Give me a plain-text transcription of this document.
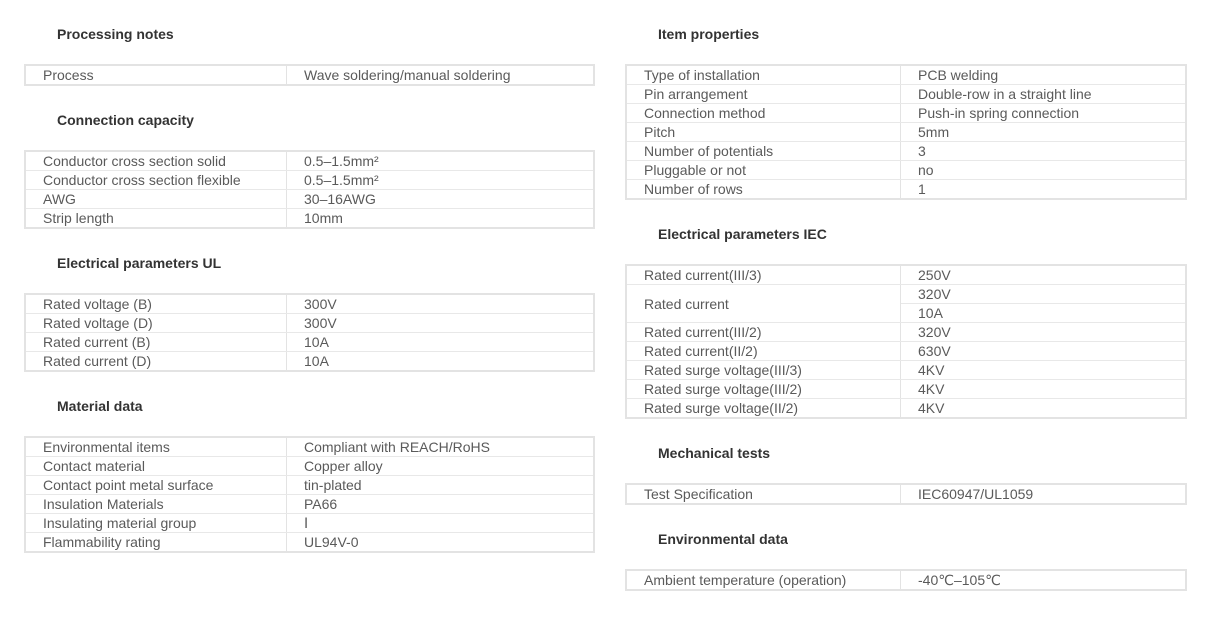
Processing notes
Process	Wave soldering/manual soldering
Connection capacity
Conductor cross section solid	0.5–1.5mm²
Conductor cross section flexible	0.5–1.5mm²
AWG	30–16AWG
Strip length	10mm
Electrical parameters UL
Rated voltage (B)	300V
Rated voltage (D)	300V
Rated current (B)	10A
Rated current (D)	10A
Material data
Environmental items	Compliant with REACH/RoHS
Contact material	Copper alloy
Contact point metal surface	tin-plated
Insulation Materials	PA66
Insulating material group	Ⅰ
Flammability rating	UL94V-0
Item properties
Type of installation	PCB welding
Pin arrangement	Double-row in a straight line
Connection method	Push-in spring connection
Pitch	5mm
Number of potentials	3
Pluggable or not	no
Number of rows	1
Electrical parameters IEC
Rated current(III/3)	250V
Rated current	320V
	10A
Rated current(III/2)	320V
Rated current(II/2)	630V
Rated surge voltage(III/3)	4KV
Rated surge voltage(III/2)	4KV
Rated surge voltage(II/2)	4KV
Mechanical tests
Test Specification	IEC60947/UL1059
Environmental data
Ambient temperature (operation)	-40℃–105℃
